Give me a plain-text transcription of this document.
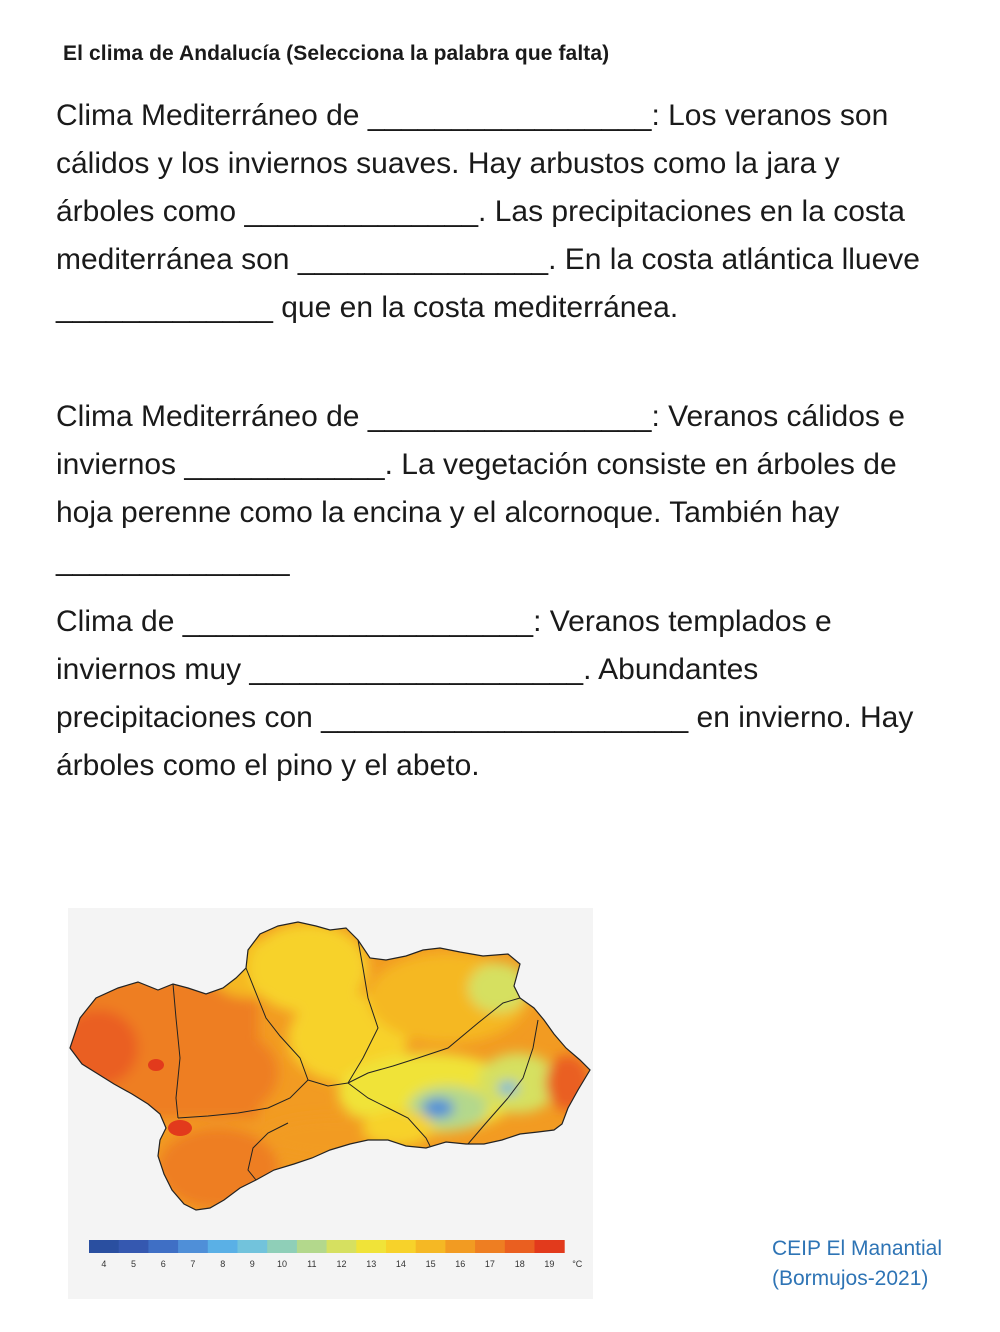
El clima de Andalucía (Selecciona la palabra que falta)

Clima Mediterráneo de _________________: Los veranos son cálidos y los inviernos suaves. Hay arbustos como la jara y árboles como ______________. Las precipitaciones en la costa mediterránea son _______________. En la costa atlántica llueve _____________ que en la costa mediterránea.

Clima Mediterráneo de _________________: Veranos cálidos e inviernos ____________. La vegetación consiste en árboles de hoja perenne como la encina y el alcornoque. También hay ______________

Clima de _____________________: Veranos templados e inviernos muy ____________________. Abundantes precipitaciones con ______________________ en invierno. Hay árboles como el pino y el abeto.

4	5	6	7	8	9 10 11 12 13 14 15 16 17 18 19 °C
CEIP El Manantial
(Bormujos-2021)
